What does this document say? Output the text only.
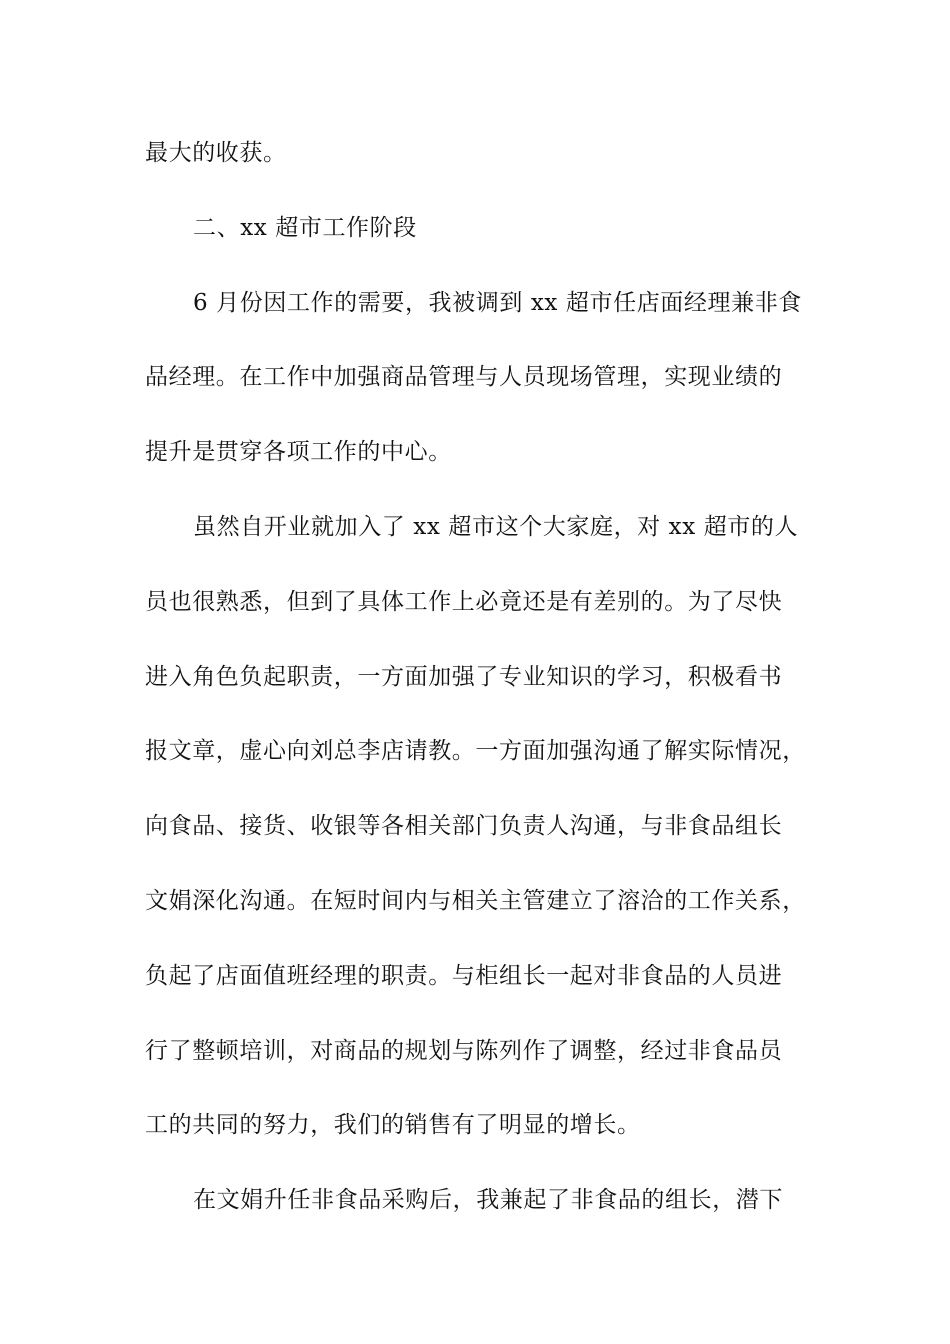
最大的收获。
二、xx 超市工作阶段
6 月份因工作的需要，我被调到 xx 超市任店面经理兼非食
品经理。在工作中加强商品管理与人员现场管理，实现业绩的
提升是贯穿各项工作的中心。
虽然自开业就加入了 xx 超市这个大家庭，对 xx 超市的人
员也很熟悉，但到了具体工作上必竟还是有差别的。为了尽快
进入角色负起职责，一方面加强了专业知识的学习，积极看书
报文章，虚心向刘总李店请教。一方面加强沟通了解实际情况，
向食品、接货、收银等各相关部门负责人沟通，与非食品组长
文娟深化沟通。在短时间内与相关主管建立了溶洽的工作关系，
负起了店面值班经理的职责。与柜组长一起对非食品的人员进
行了整顿培训，对商品的规划与陈列作了调整，经过非食品员
工的共同的努力，我们的销售有了明显的增长。
在文娟升任非食品采购后，我兼起了非食品的组长，潜下
